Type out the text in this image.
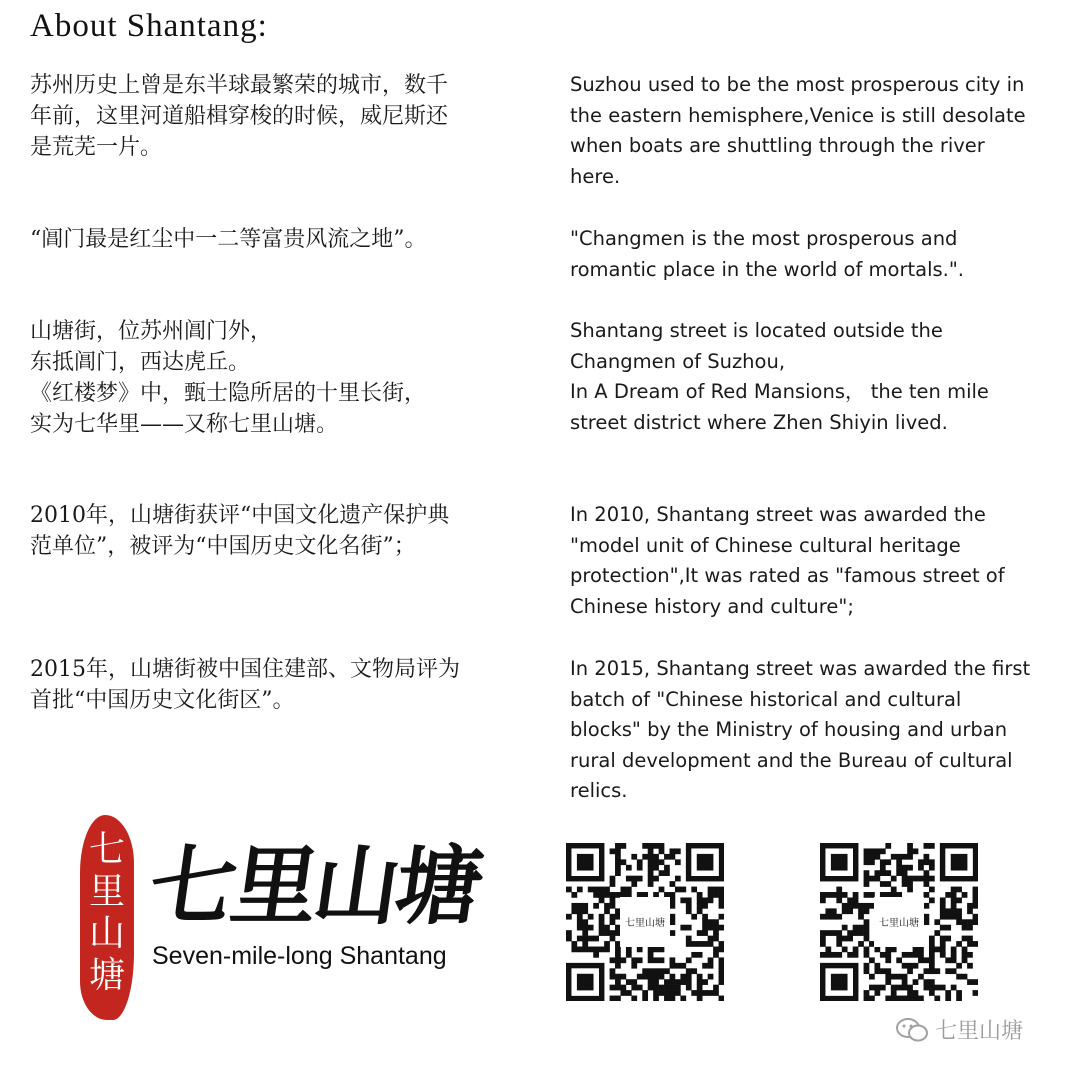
About Shantang:
苏州历史上曾是东半球最繁荣的城市，数千
年前，这里河道船楫穿梭的时候，威尼斯还
是荒芜一片。
Suzhou used to be the most prosperous city in
the eastern hemisphere,Venice is still desolate
when boats are shuttling through the river
here.
“阊门最是红尘中一二等富贵风流之地”。	"Changmen is the most prosperous and
romantic place in the world of mortals.".
山塘街，位苏州阊门外，
东抵阊门，西达虎丘。
《红楼梦》中，甄士隐所居的十里长街，
实为七华里——又称七里山塘。
Shantang street is located outside the
Changmen of Suzhou,
In A Dream of Red Mansions， the ten mile
street district where Zhen Shiyin lived.
2010年，山塘街获评“中国文化遗产保护典
范单位”，被评为“中国历史文化名街”；
In 2010, Shantang street was awarded the
"model unit of Chinese cultural heritage
protection",It was rated as "famous street of
Chinese history and culture";
2015年，山塘街被中国住建部、文物局评为
首批“中国历史文化街区”。
In 2015, Shantang street was awarded the first
batch of "Chinese historical and cultural
blocks" by the Ministry of housing and urban
rural development and the Bureau of cultural
relics.
七
里
山
塘
七里山塘
Seven-mile-long Shantang
七里山塘	七里山塘
七里山塘
